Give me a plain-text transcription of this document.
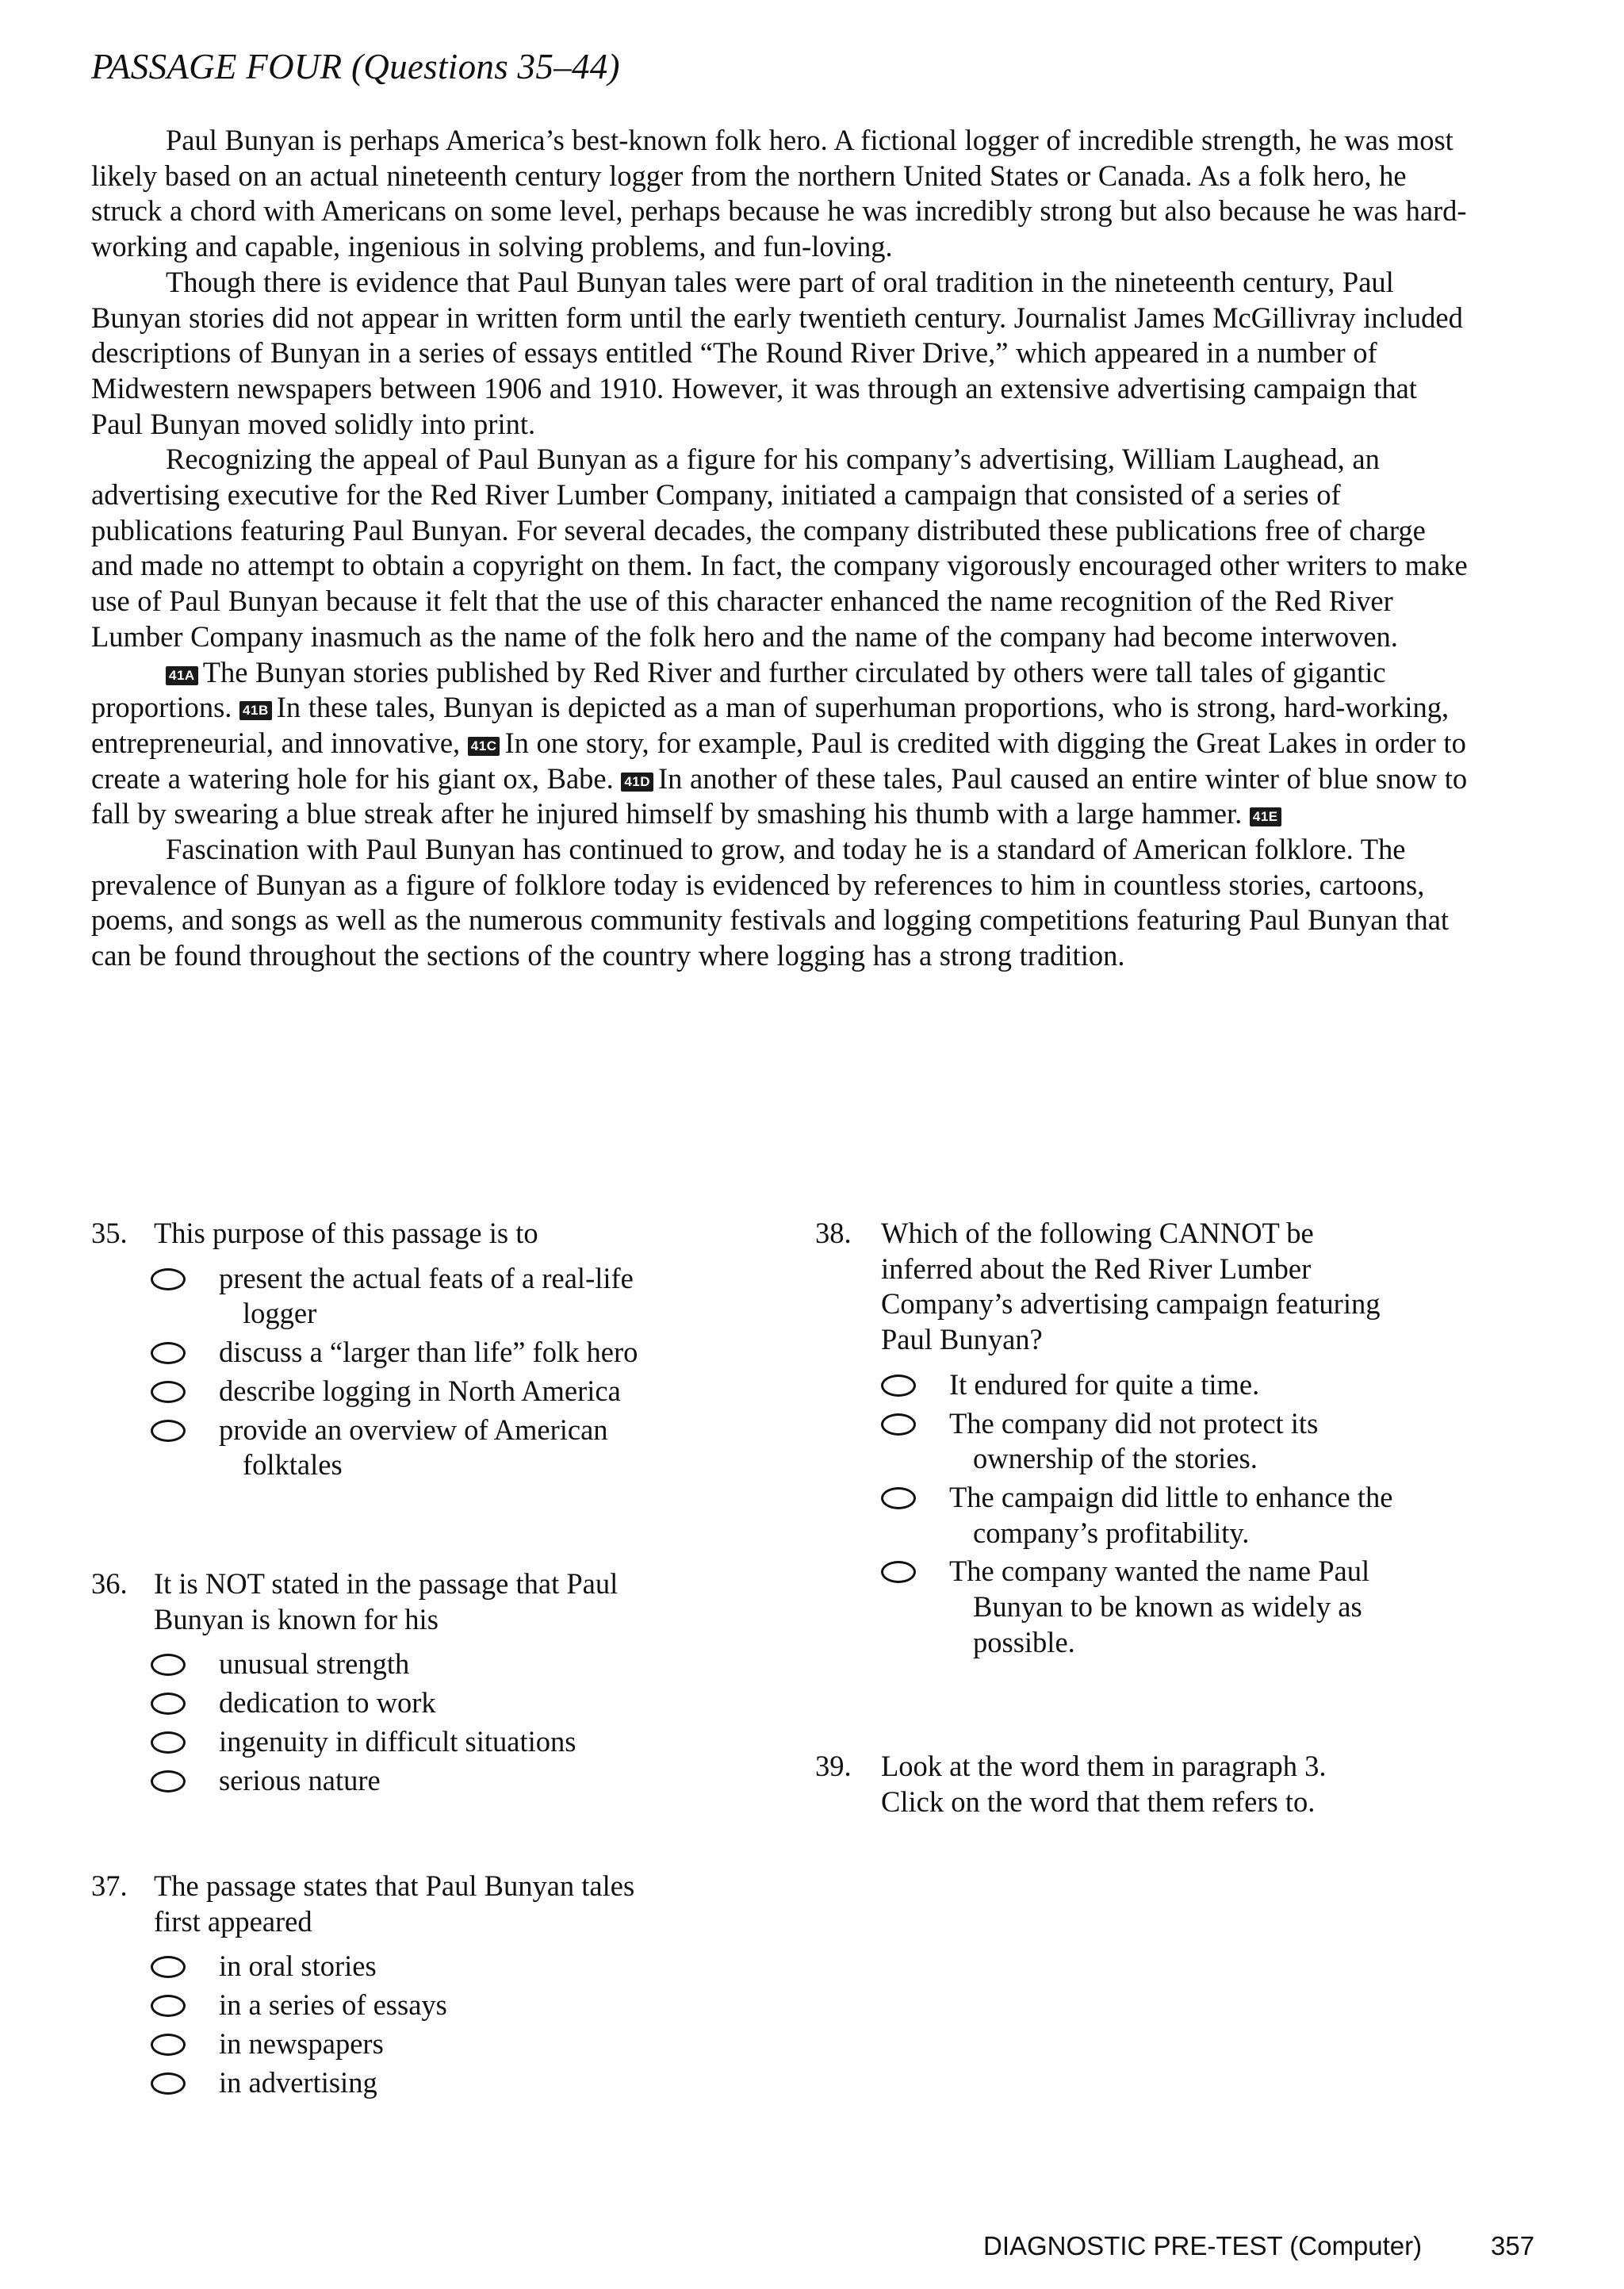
PASSAGE FOUR (Questions 35–44)

Paul Bunyan is perhaps America’s best-known folk hero. A fictional logger of incredible strength, he was most likely based on an actual nineteenth century logger from the northern United States or Canada. As a folk hero, he struck a chord with Americans on some level, perhaps because he was incredibly strong but also because he was hard-working and capable, ingenious in solving problems, and fun-loving.

Though there is evidence that Paul Bunyan tales were part of oral tradition in the nineteenth century, Paul Bunyan stories did not appear in written form until the early twentieth century. Journalist James McGillivray included descriptions of Bunyan in a series of essays entitled “The Round River Drive,” which appeared in a number of Midwestern newspapers between 1906 and 1910. However, it was through an extensive advertising campaign that Paul Bunyan moved solidly into print.

Recognizing the appeal of Paul Bunyan as a figure for his company’s advertising, William Laughead, an advertising executive for the Red River Lumber Company, initiated a campaign that consisted of a series of publications featuring Paul Bunyan. For several decades, the company distributed these publications free of charge and made no attempt to obtain a copyright on them. In fact, the company vigorously encouraged other writers to make use of Paul Bunyan because it felt that the use of this character enhanced the name recognition of the Red River Lumber Company inasmuch as the name of the folk hero and the name of the company had become interwoven.

41A The Bunyan stories published by Red River and further circulated by others were tall tales of gigantic proportions. 41B In these tales, Bunyan is depicted as a man of superhuman proportions, who is strong, hard-working, entrepreneurial, and innovative, 41C In one story, for example, Paul is credited with digging the Great Lakes in order to create a watering hole for his giant ox, Babe. 41D In another of these tales, Paul caused an entire winter of blue snow to fall by swearing a blue streak after he injured himself by smashing his thumb with a large hammer. 41E

Fascination with Paul Bunyan has continued to grow, and today he is a standard of American folklore. The prevalence of Bunyan as a figure of folklore today is evidenced by references to him in countless stories, cartoons, poems, and songs as well as the numerous community festivals and logging competitions featuring Paul Bunyan that can be found throughout the sections of the country where logging has a strong tradition.

35. This purpose of this passage is to
present the actual feats of a real-life
logger
discuss a “larger than life” folk hero
describe logging in North America
provide an overview of American
folktales
36. It is NOT stated in the passage that Paul
Bunyan is known for his
unusual strength
dedication to work
ingenuity in difficult situations
serious nature
37. The passage states that Paul Bunyan tales
first appeared
in oral stories
in a series of essays
in newspapers
in advertising
38. Which of the following CANNOT be
inferred about the Red River Lumber
Company’s advertising campaign featuring
Paul Bunyan?
It endured for quite a time.
The company did not protect its
ownership of the stories.
The campaign did little to enhance the
company’s profitability.
The company wanted the name Paul
Bunyan to be known as widely as
possible.
39. Look at the word them in paragraph 3.
Click on the word that them refers to.
DIAGNOSTIC PRE-TEST (Computer)	357
